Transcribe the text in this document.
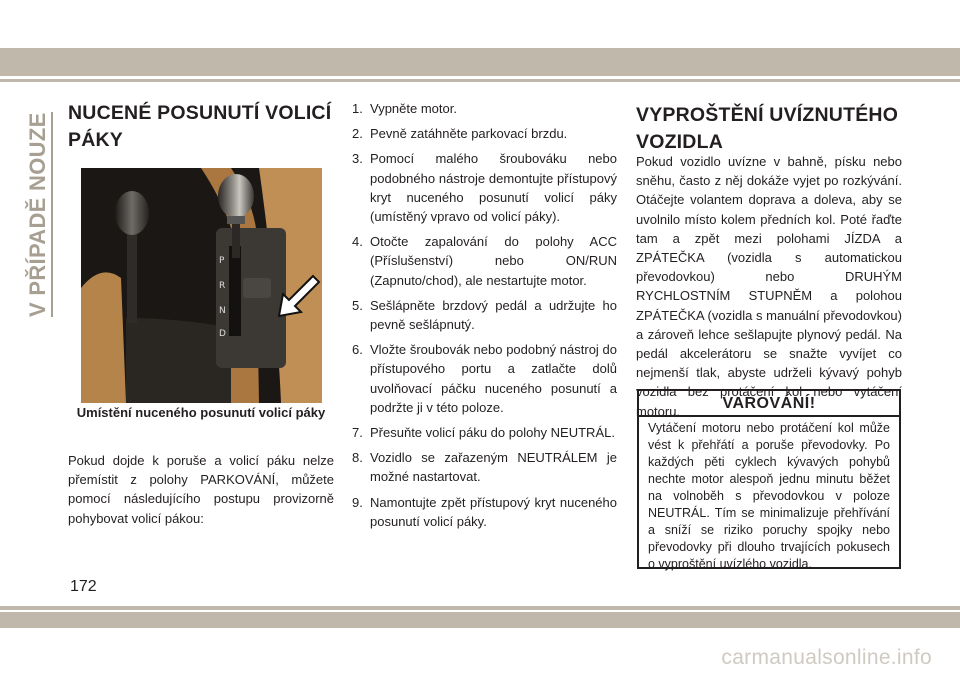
V PŘÍPADĚ NOUZE NUCENÉ POSUNUTÍ VOLICÍ PÁKY
P
R
N
D
Umístění nuceného posunutí volicí páky

Pokud dojde k poruše a volicí páku nelze přemístit z polohy PARKOVÁNÍ, můžete pomocí následujícího postupu provizorně pohybovat volicí pákou:

1. Vypněte motor.
2. Pevně zatáhněte parkovací brzdu.
3. Pomocí malého šroubováku nebo podobného nástroje demontujte přístupový kryt nuceného posunutí volicí páky (umístěný vpravo od volicí páky).
4. Otočte zapalování do polohy ACC (Příslušenství) nebo ON/RUN (Zapnuto/chod), ale nestartujte motor.
5. Sešlápněte brzdový pedál a udržujte ho pevně sešlápnutý.
6. Vložte šroubovák nebo podobný nástroj do přístupového portu a zatlačte dolů uvolňovací páčku nuceného posunutí a podržte ji v této poloze.
7. Přesuňte volicí páku do polohy NEUTRÁL.
8. Vozidlo se zařazeným NEUTRÁLEM je možné nastartovat.
9. Namontujte zpět přístupový kryt nuceného posunutí volicí páky.
VYPROŠTĚNÍ UVÍZNUTÉHO VOZIDLA

Pokud vozidlo uvízne v bahně, písku nebo sněhu, často z něj dokáže vyjet po rozkývání. Otáčejte volantem doprava a doleva, aby se uvolnilo místo kolem předních kol. Poté řaďte tam a zpět mezi polohami JÍZDA a ZPÁTEČKA (vozidla s automatickou převodovkou) nebo DRUHÝM RYCHLOSTNÍM STUPNĚM a polohou ZPÁTEČKA (vozidla s manuální převodovkou) a zároveň lehce sešlapujte plynový pedál. Na pedál akcelerátoru se snažte vyvíjet co nejmenší tlak, abyste udrželi kývavý pohyb vozidla bez protáčení kol nebo vytáčení motoru.	VAROVÁNÍ!
Vytáčení motoru nebo protáčení kol může vést k přehřátí a poruše převodovky. Po každých pěti cyklech kývavých pohybů nechte motor alespoň jednu minutu běžet na volnoběh s převodovkou v poloze NEUTRÁL. Tím se minimalizuje přehřívání a sníží se riziko poruchy spojky nebo převodovky při dlouho trvajících pokusech o vyproštění uvízlého vozidla.
172
carmanualsonline.info
